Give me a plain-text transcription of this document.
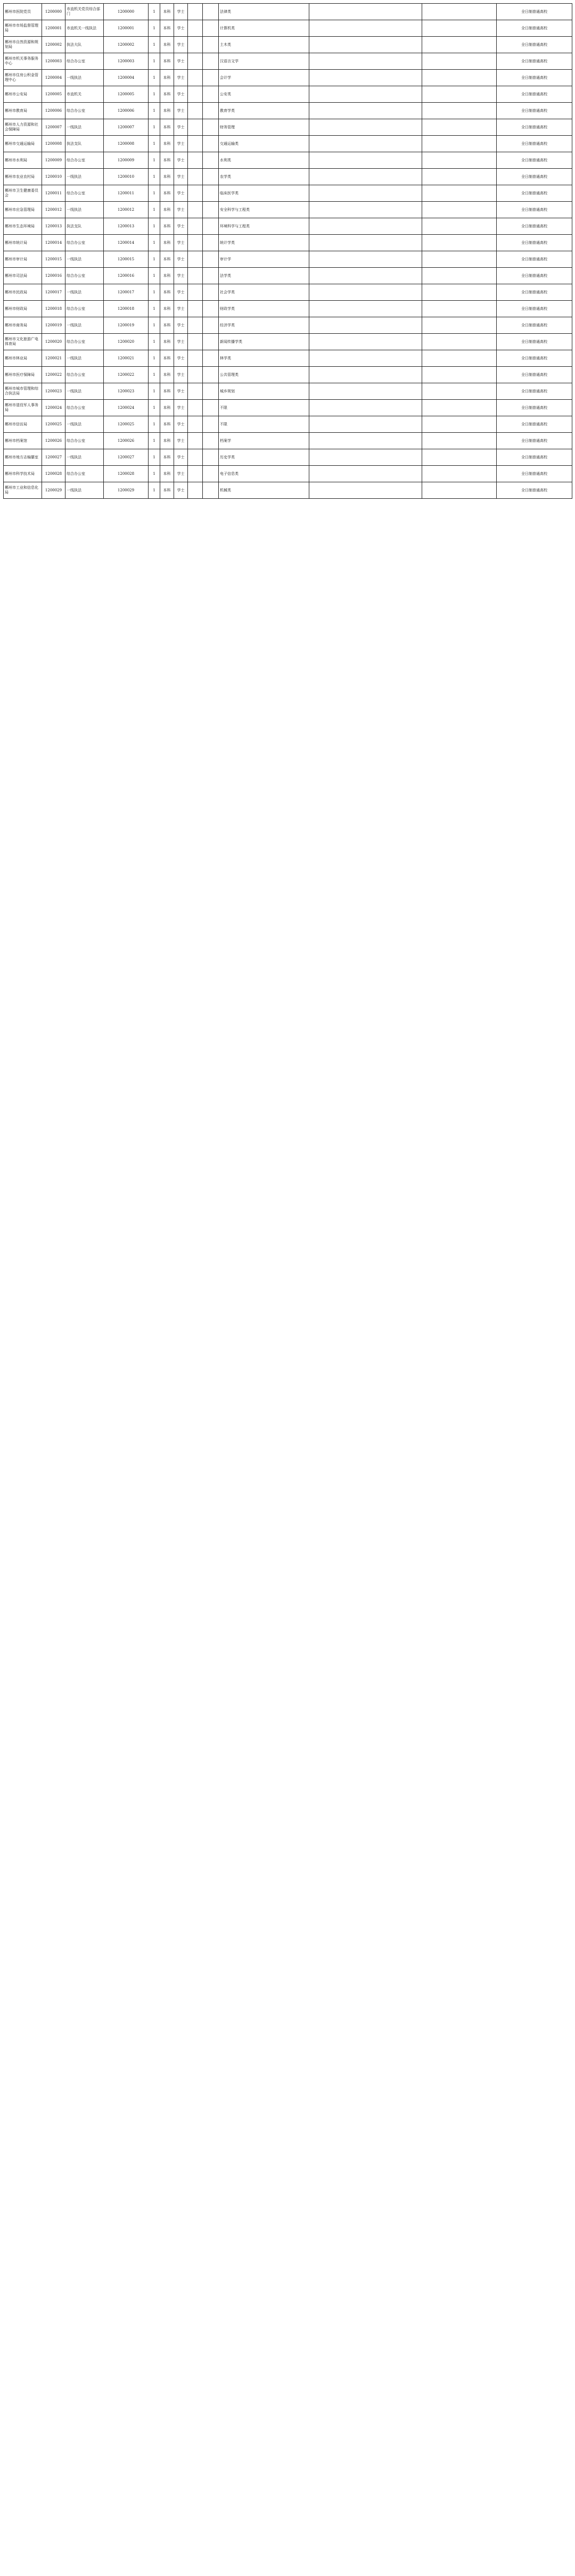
郴州市医院党员	1200000	市直机关党员综合部门	1200000	1	本科	学士			法律类			全日制普通高校
郴州市市场监督管理局	1200001	市直机关一线执法	1200001	1	本科	学士			计算机类			全日制普通高校
郴州市自然资源和规划局	1200002	执法大队	1200002	1	本科	学士			土木类			全日制普通高校
郴州市机关事务服务中心	1200003	综合办公室	1200003	1	本科	学士			汉语言文学			全日制普通高校
郴州市住房公积金管理中心	1200004	一线执法	1200004	1	本科	学士			会计学			全日制普通高校
郴州市公安局	1200005	市直机关	1200005	1	本科	学士			公安类			全日制普通高校
郴州市教育局	1200006	综合办公室	1200006	1	本科	学士			教育学类			全日制普通高校
郴州市人力资源和社会保障局	1200007	一线执法	1200007	1	本科	学士			财务管理			全日制普通高校
郴州市交通运输局	1200008	执法支队	1200008	1	本科	学士			交通运输类			全日制普通高校
郴州市水利局	1200009	综合办公室	1200009	1	本科	学士			水利类			全日制普通高校
郴州市农业农村局	1200010	一线执法	1200010	1	本科	学士			农学类			全日制普通高校
郴州市卫生健康委员会	1200011	综合办公室	1200011	1	本科	学士			临床医学类			全日制普通高校
郴州市应急管理局	1200012	一线执法	1200012	1	本科	学士			安全科学与工程类			全日制普通高校
郴州市生态环境局	1200013	执法支队	1200013	1	本科	学士			环境科学与工程类			全日制普通高校
郴州市统计局	1200014	综合办公室	1200014	1	本科	学士			统计学类			全日制普通高校
郴州市审计局	1200015	一线执法	1200015	1	本科	学士			审计学			全日制普通高校
郴州市司法局	1200016	综合办公室	1200016	1	本科	学士			法学类			全日制普通高校
郴州市民政局	1200017	一线执法	1200017	1	本科	学士			社会学类			全日制普通高校
郴州市财政局	1200018	综合办公室	1200018	1	本科	学士			财政学类			全日制普通高校
郴州市商务局	1200019	一线执法	1200019	1	本科	学士			经济学类			全日制普通高校
郴州市文化旅游广电体育局	1200020	综合办公室	1200020	1	本科	学士			新闻传播学类			全日制普通高校
郴州市林业局	1200021	一线执法	1200021	1	本科	学士			林学类			全日制普通高校
郴州市医疗保障局	1200022	综合办公室	1200022	1	本科	学士			公共管理类			全日制普通高校
郴州市城市管理和综合执法局	1200023	一线执法	1200023	1	本科	学士			城乡规划			全日制普通高校
郴州市退役军人事务局	1200024	综合办公室	1200024	1	本科	学士			不限			全日制普通高校
郴州市信访局	1200025	一线执法	1200025	1	本科	学士			不限			全日制普通高校
郴州市档案馆	1200026	综合办公室	1200026	1	本科	学士			档案学			全日制普通高校
郴州市地方志编纂室	1200027	一线执法	1200027	1	本科	学士			历史学类			全日制普通高校
郴州市科学技术局	1200028	综合办公室	1200028	1	本科	学士			电子信息类			全日制普通高校
郴州市工业和信息化局	1200029	一线执法	1200029	1	本科	学士			机械类			全日制普通高校
